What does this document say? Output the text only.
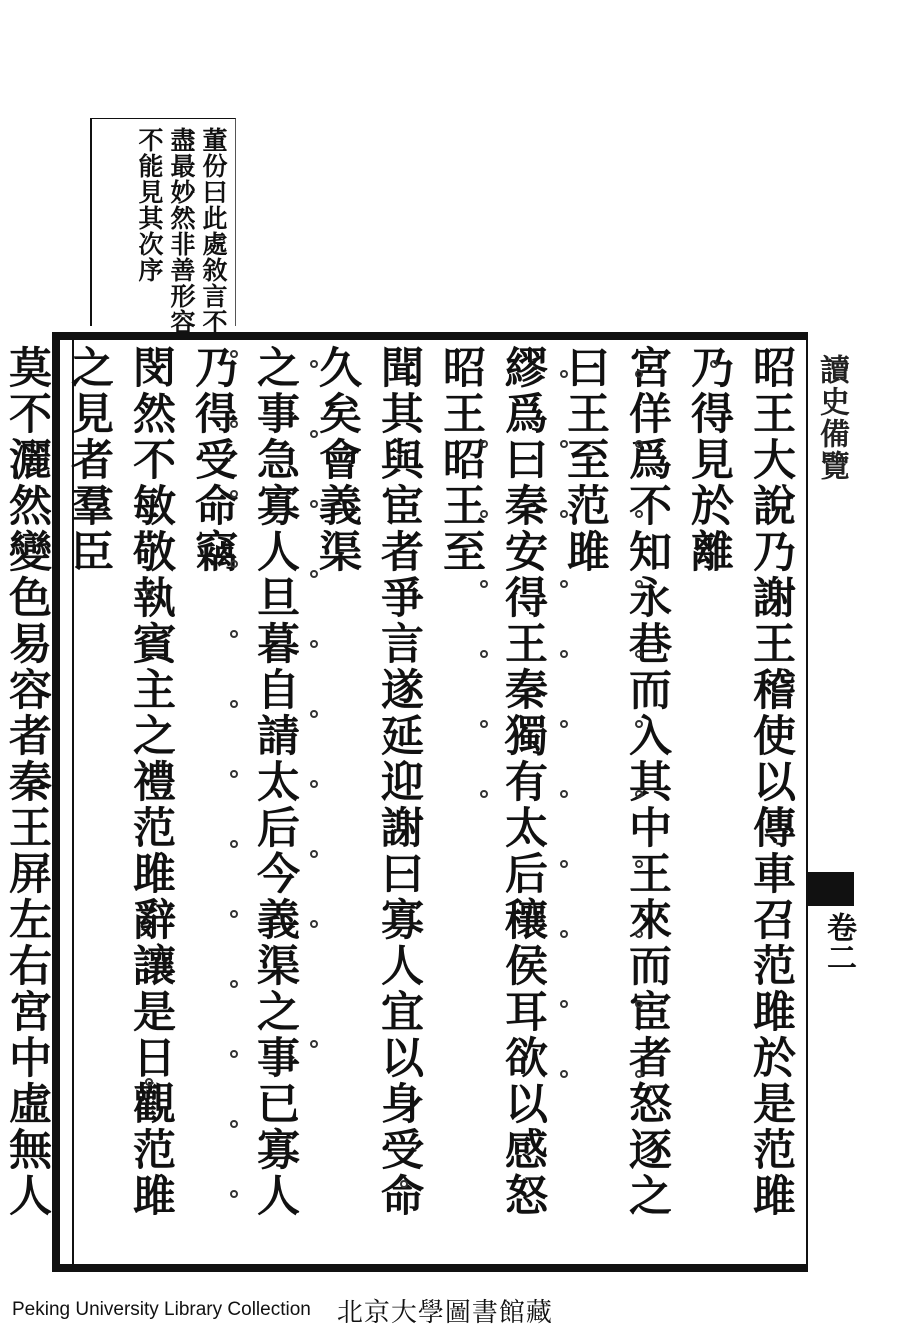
董份曰此處敘言不
盡最妙然非善形容
不能見其次序
讀史備覽
卷二
昭王大說乃謝王稽使以傳車召范雎於是范雎乃得見於離
宮佯爲不知永巷而入其中王來而宦者怒逐之曰王至范雎
繆爲曰秦安得王秦獨有太后穰侯耳欲以感怒昭王昭王至
聞其與宦者爭言遂延迎謝曰寡人宜以身受命久矣會義渠
之事急寡人旦暮自請太后今義渠之事已寡人乃得受命竊
閔然不敏敬執賓主之禮范雎辭讓是日觀范雎之見者羣臣
莫不灑然變色易容者秦王屏左右宮中虛無人
Peking University Library Collection 北京大學圖書館藏
